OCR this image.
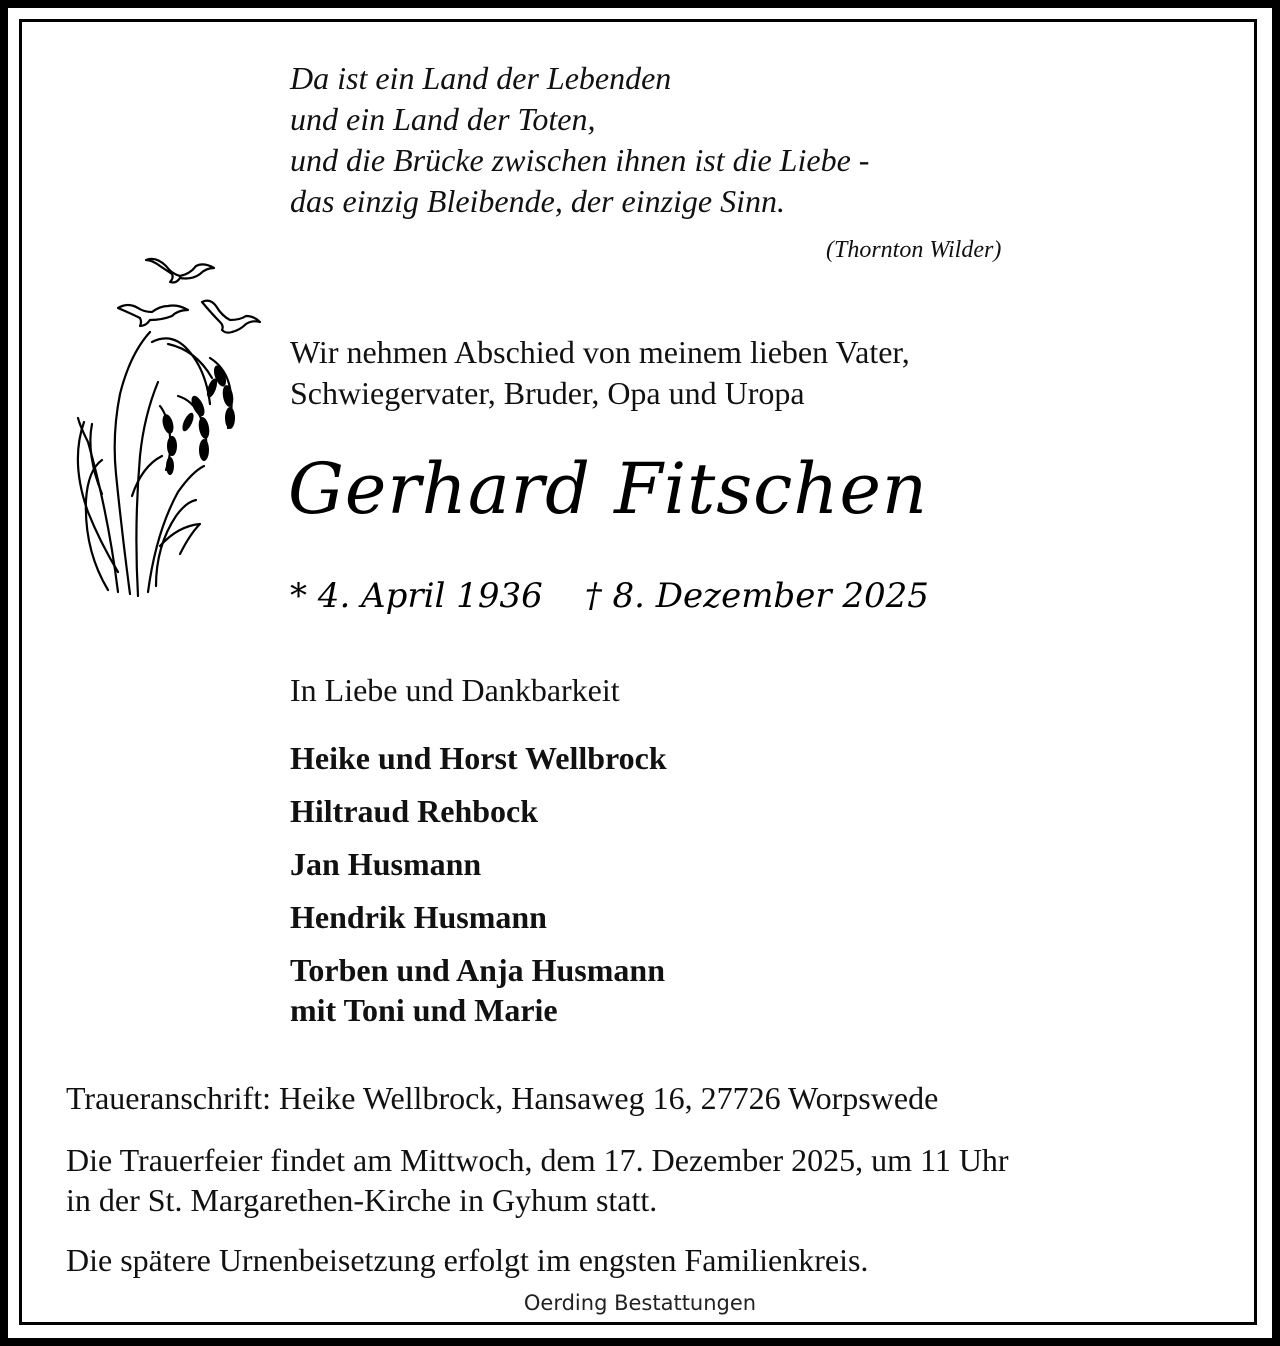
Da ist ein Land der Lebenden
und ein Land der Toten,
und die Brücke zwischen ihnen ist die Liebe -
das einzig Bleibende, der einzige Sinn.
(Thornton Wilder)
Wir nehmen Abschied von meinem lieben Vater,
Schwiegervater, Bruder, Opa und Uropa
Gerhard Fitschen
* 4. April 1936 † 8. Dezember 2025
In Liebe und Dankbarkeit
Heike und Horst Wellbrock
Hiltraud Rehbock
Jan Husmann
Hendrik Husmann
Torben und Anja Husmann
mit Toni und Marie
Traueranschrift: Heike Wellbrock, Hansaweg 16, 27726 Worpswede
Die Trauerfeier findet am Mittwoch, dem 17. Dezember 2025, um 11 Uhr
in der St. Margarethen-Kirche in Gyhum statt.
Die spätere Urnenbeisetzung erfolgt im engsten Familienkreis.
Oerding Bestattungen
